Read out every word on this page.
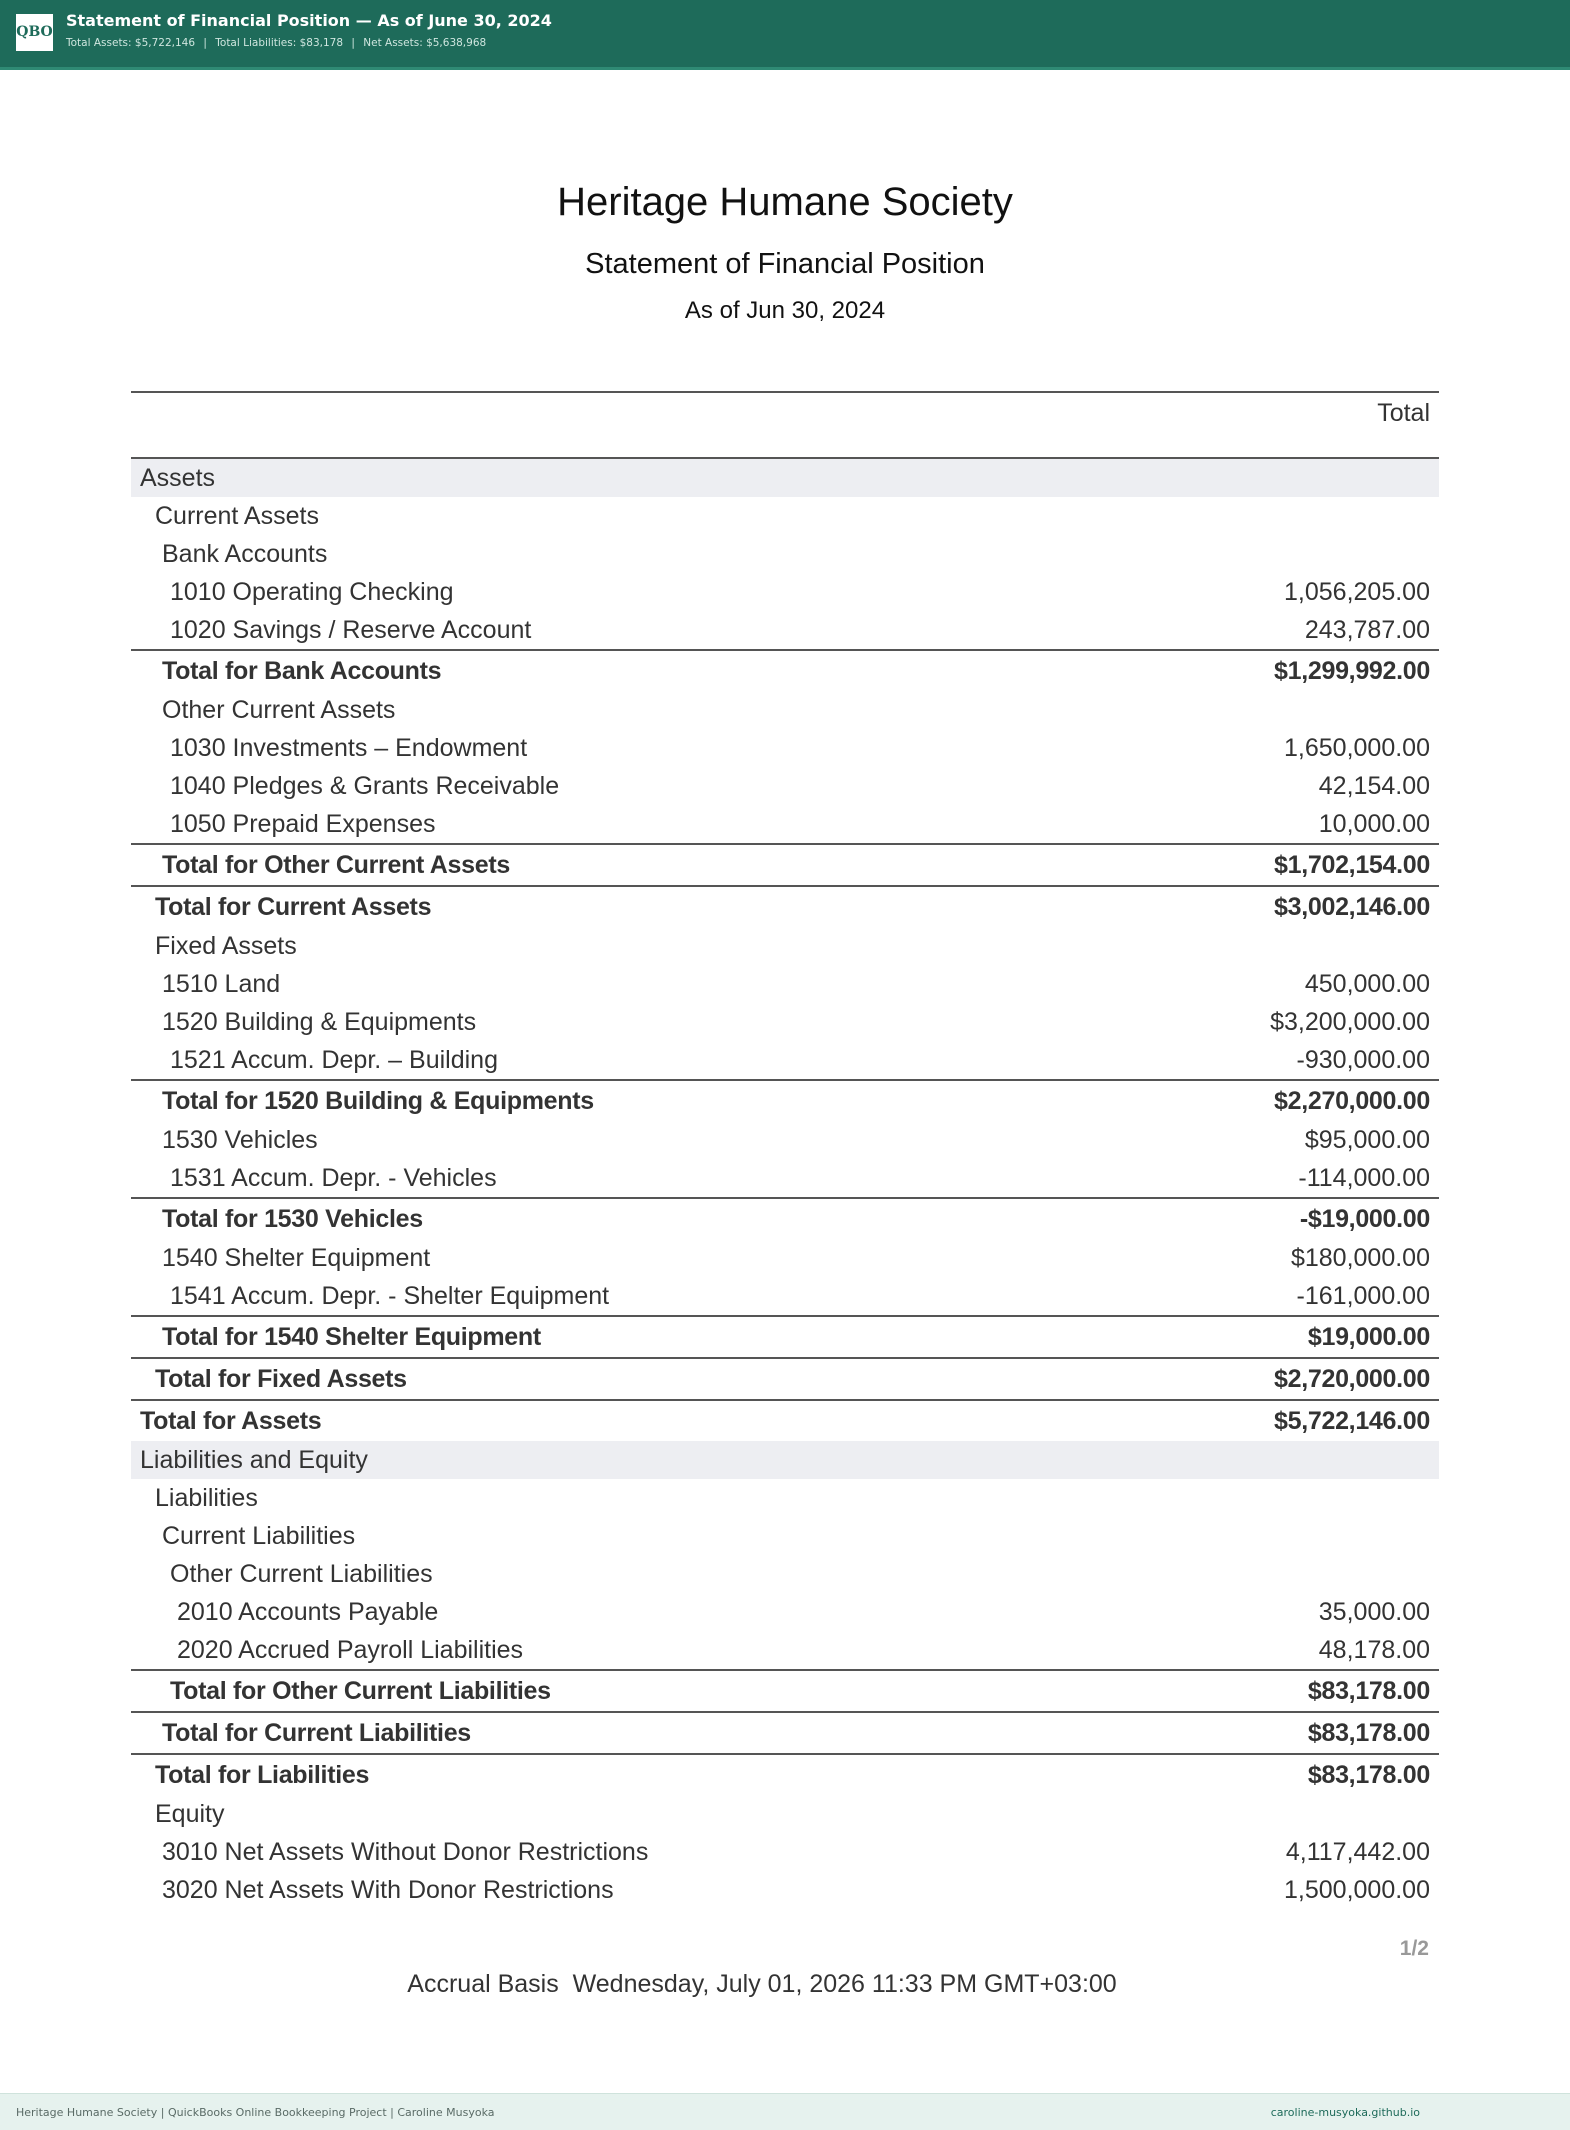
QBO
Statement of Financial Position — As of June 30, 2024
Total Assets: $5,722,146 | Total Liabilities: $83,178 | Net Assets: $5,638,968
Heritage Humane Society
Statement of Financial Position
As of Jun 30, 2024
Total
Assets
Current Assets
Bank Accounts
1010 Operating Checking	1,056,205.00
1020 Savings / Reserve Account	243,787.00
Total for Bank Accounts	$1,299,992.00
Other Current Assets
1030 Investments – Endowment	1,650,000.00
1040 Pledges & Grants Receivable	42,154.00
1050 Prepaid Expenses	10,000.00
Total for Other Current Assets	$1,702,154.00
Total for Current Assets	$3,002,146.00
Fixed Assets
1510 Land	450,000.00
1520 Building & Equipments	$3,200,000.00
1521 Accum. Depr. – Building	-930,000.00
Total for 1520 Building & Equipments	$2,270,000.00
1530 Vehicles	$95,000.00
1531 Accum. Depr. - Vehicles	-114,000.00
Total for 1530 Vehicles	-$19,000.00
1540 Shelter Equipment	$180,000.00
1541 Accum. Depr. - Shelter Equipment	-161,000.00
Total for 1540 Shelter Equipment	$19,000.00
Total for Fixed Assets	$2,720,000.00
Total for Assets	$5,722,146.00
Liabilities and Equity
Liabilities
Current Liabilities
Other Current Liabilities
2010 Accounts Payable	35,000.00
2020 Accrued Payroll Liabilities	48,178.00
Total for Other Current Liabilities	$83,178.00
Total for Current Liabilities	$83,178.00
Total for Liabilities	$83,178.00
Equity
3010 Net Assets Without Donor Restrictions	4,117,442.00
3020 Net Assets With Donor Restrictions	1,500,000.00
1/2
Accrual Basis  Wednesday, July 01, 2026 11:33 PM GMT+03:00
Heritage Humane Society | QuickBooks Online Bookkeeping Project | Caroline Musyoka	caroline-musyoka.github.io
